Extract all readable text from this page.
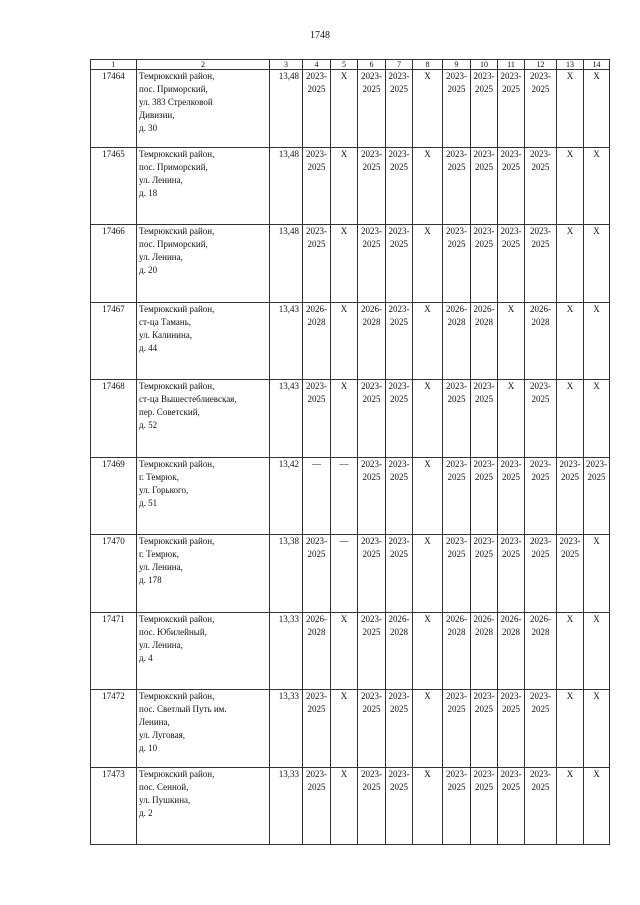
1748
1	2	3	4	5	6	7	8	9	10	11	12	13	14
17464	Темрюкский район,
пос. Приморский,
ул. 383 Стрелковой
Дивизии,
д. 30	13,48	2023-
2025	X	2023-
2025	2023-
2025	X	2023-
2025	2023-
2025	2023-
2025	2023-
2025	X	X

17465	Темрюкский район,
пос. Приморский,
ул. Ленина,
д. 18	13,48	2023-
2025	X	2023-
2025	2023-
2025	X	2023-
2025	2023-
2025	2023-
2025	2023-
2025	X	X

17466	Темрюкский район,
пос. Приморский,
ул. Ленина,
д. 20	13,48	2023-
2025	X	2023-
2025	2023-
2025	X	2023-
2025	2023-
2025	2023-
2025	2023-
2025	X	X

17467	Темрюкский район,
ст-ца Тамань,
ул. Калинина,
д. 44	13,43	2026-
2028	X	2026-
2028	2023-
2025	X	2026-
2028	2026-
2028	X	2026-
2028	X	X

17468	Темрюкский район,
ст-ца Вышестеблиевская,
пер. Советский,
д. 52	13,43	2023-
2025	X	2023-
2025	2023-
2025	X	2023-
2025	2023-
2025	X	2023-
2025	X	X

17469	Темрюкский район,
г. Темрюк,
ул. Горького,
д. 51	13,42	—	—	2023-
2025	2023-
2025	X	2023-
2025	2023-
2025	2023-
2025	2023-
2025	2023-
2025	2023-
2025

17470	Темрюкский район,
г. Темрюк,
ул. Ленина,
д. 178	13,38	2023-
2025	—	2023-
2025	2023-
2025	X	2023-
2025	2023-
2025	2023-
2025	2023-
2025	2023-
2025	X

17471	Темрюкский район,
пос. Юбилейный,
ул. Ленина,
д. 4	13,33	2026-
2028	X	2023-
2025	2026-
2028	X	2026-
2028	2026-
2028	2026-
2028	2026-
2028	X	X

17472	Темрюкский район,
пос. Светлый Путь им.
Ленина,
ул. Луговая,
д. 10	13,33	2023-
2025	X	2023-
2025	2023-
2025	X	2023-
2025	2023-
2025	2023-
2025	2023-
2025	X	X

17473	Темрюкский район,
пос. Сенной,
ул. Пушкина,
д. 2	13,33	2023-
2025	X	2023-
2025	2023-
2025	X	2023-
2025	2023-
2025	2023-
2025	2023-
2025	X	X
